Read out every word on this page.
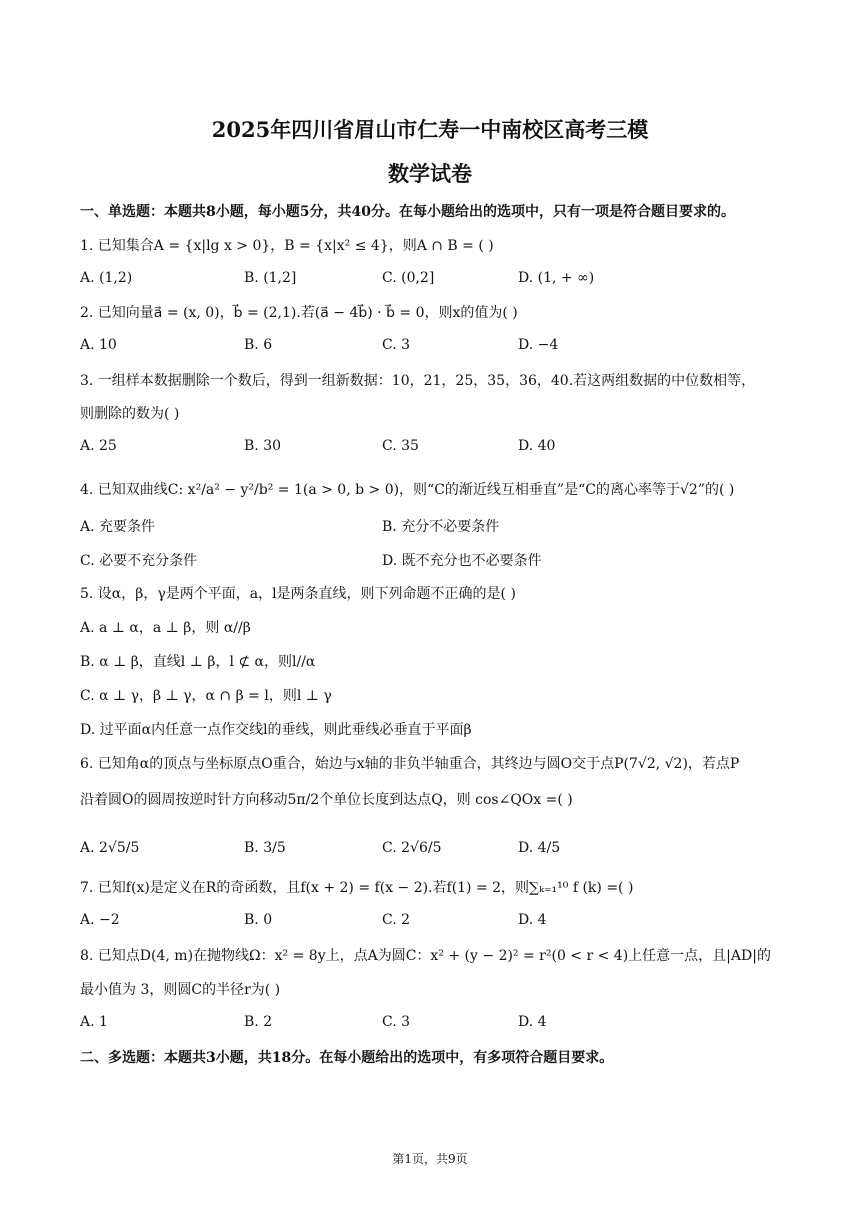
2025年四川省眉山市仁寿一中南校区高考三模
数学试卷
一、单选题：本题共8小题，每小题5分，共40分。在每小题给出的选项中，只有一项是符合题目要求的。
1. 已知集合A = {x|lg x > 0}，B = {x|x² ≤ 4}，则A ∩ B = ( )
A. (1,2)	B. (1,2]	C. (0,2]	D. (1, + ∞)
2. 已知向量a⃗ = (x, 0)，b⃗ = (2,1).若(a⃗ − 4b⃗) · b⃗ = 0，则x的值为( )
A. 10	B. 6	C. 3	D. −4
3. 一组样本数据删除一个数后，得到一组新数据：10，21，25，35，36，40.若这两组数据的中位数相等，
则删除的数为( )
A. 25	B. 30	C. 35	D. 40
4. 已知双曲线C: x²/a² − y²/b² = 1(a > 0, b > 0)，则“C的渐近线互相垂直”是“C的离心率等于√2”的( )
A. 充要条件	B. 充分不必要条件
C. 必要不充分条件	D. 既不充分也不必要条件
5. 设α，β，γ是两个平面，a，l是两条直线，则下列命题不正确的是( )
A. a ⊥ α，a ⊥ β，则 α//β
B. α ⊥ β，直线l ⊥ β，l ⊄ α，则l//α
C. α ⊥ γ，β ⊥ γ，α ∩ β = l，则l ⊥ γ
D. 过平面α内任意一点作交线l的垂线，则此垂线必垂直于平面β
6. 已知角α的顶点与坐标原点O重合，始边与x轴的非负半轴重合，其终边与圆O交于点P(7√2, √2)，若点P
沿着圆O的圆周按逆时针方向移动5π/2个单位长度到达点Q，则 cos∠QOx =( )
A. 2√5/5	B. 3/5	C. 2√6/5	D. 4/5
7. 已知f(x)是定义在R的奇函数，且f(x + 2) = f(x − 2).若f(1) = 2，则∑ₖ₌₁¹⁰ f (k) =( )
A. −2	B. 0	C. 2	D. 4
8. 已知点D(4, m)在抛物线Ω：x² = 8y上，点A为圆C：x² + (y − 2)² = r²(0 < r < 4)上任意一点，且|AD|的
最小值为 3，则圆C的半径r为( )
A. 1	B. 2	C. 3	D. 4
二、多选题：本题共3小题，共18分。在每小题给出的选项中，有多项符合题目要求。
第1页，共9页
